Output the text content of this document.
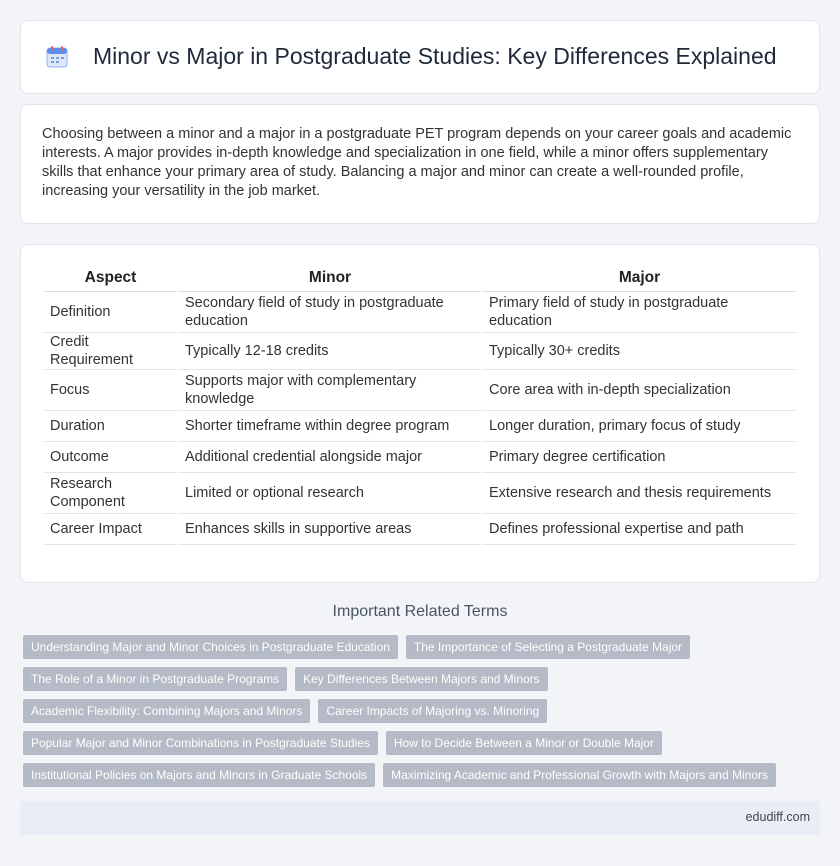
Minor vs Major in Postgraduate Studies: Key Differences Explained

Choosing between a minor and a major in a postgraduate PET program depends on your career goals and academic interests. A major provides in-depth knowledge and specialization in one field, while a minor offers supplementary skills that enhance your primary area of study. Balancing a major and minor can create a well-rounded profile, increasing your versatility in the job market.

Aspect	Minor	Major
Definition	Secondary field of study in postgraduate education	Primary field of study in postgraduate education
Credit Requirement	Typically 12-18 credits	Typically 30+ credits
Focus	Supports major with complementary knowledge	Core area with in-depth specialization
Duration	Shorter timeframe within degree program	Longer duration, primary focus of study
Outcome	Additional credential alongside major	Primary degree certification
Research Component	Limited or optional research	Extensive research and thesis requirements
Career Impact	Enhances skills in supportive areas	Defines professional expertise and path
Important Related Terms
Understanding Major and Minor Choices in Postgraduate Education	The Importance of Selecting a Postgraduate Major
The Role of a Minor in Postgraduate Programs	Key Differences Between Majors and Minors
Academic Flexibility: Combining Majors and Minors	Career Impacts of Majoring vs. Minoring
Popular Major and Minor Combinations in Postgraduate Studies	How to Decide Between a Minor or Double Major
Institutional Policies on Majors and Minors in Graduate Schools	Maximizing Academic and Professional Growth with Majors and Minors
edudiff.com
